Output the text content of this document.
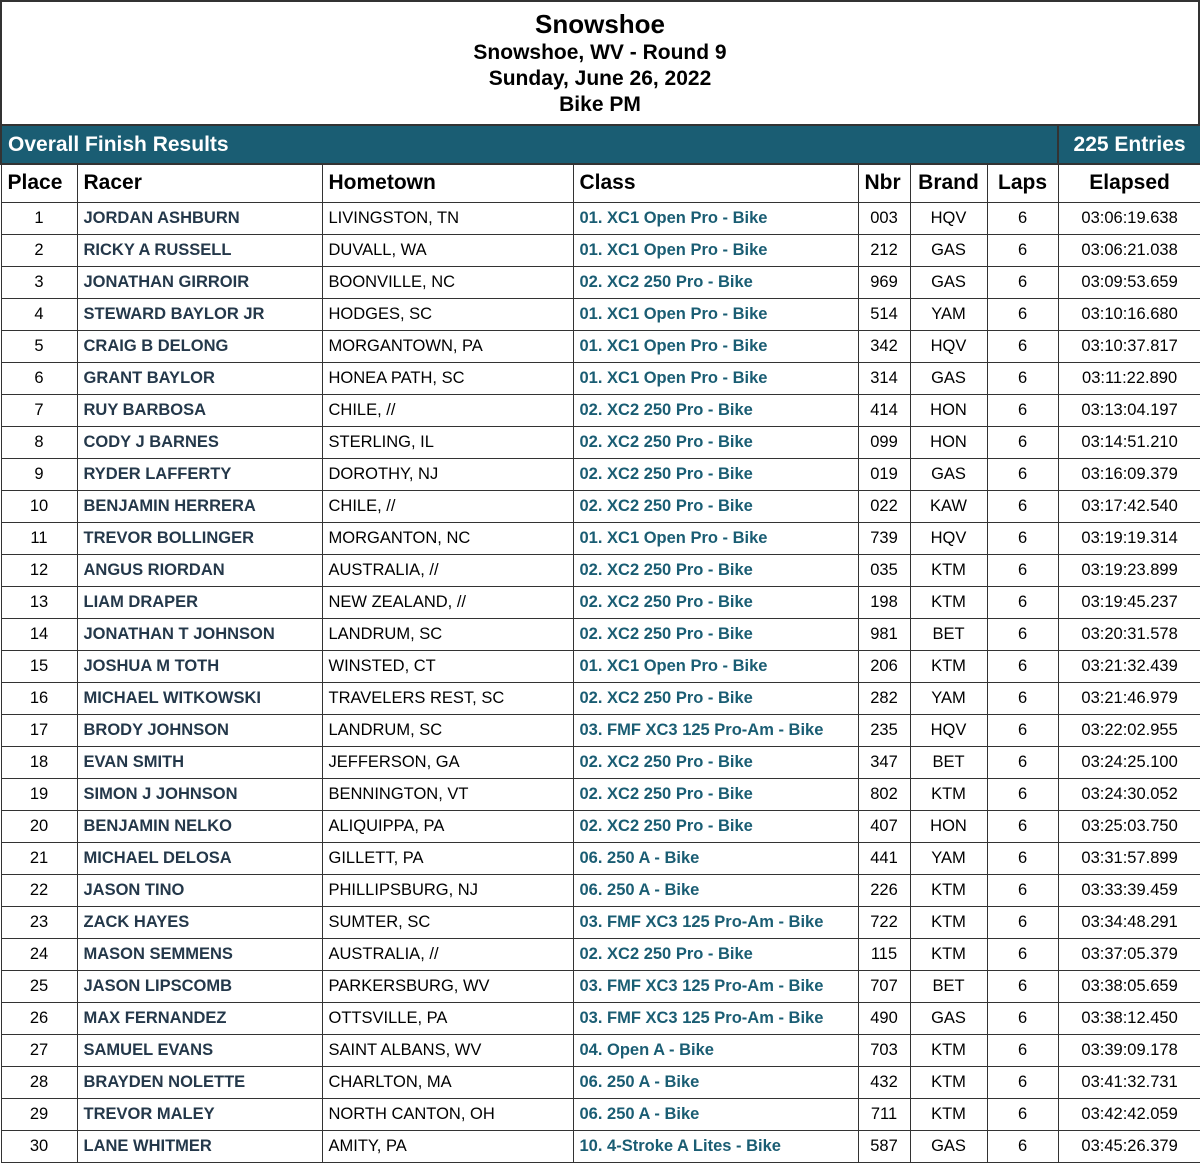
Snowshoe
Snowshoe, WV - Round 9
Sunday, June 26, 2022
Bike PM
Overall Finish Results							225 Entries
Place	Racer	Hometown	Class	Nbr	Brand	Laps	Elapsed
1	JORDAN ASHBURN	LIVINGSTON, TN	01. XC1 Open Pro - Bike	003	HQV	6	03:06:19.638
2	RICKY A RUSSELL	DUVALL, WA	01. XC1 Open Pro - Bike	212	GAS	6	03:06:21.038
3	JONATHAN GIRROIR	BOONVILLE, NC	02. XC2 250 Pro - Bike	969	GAS	6	03:09:53.659
4	STEWARD BAYLOR JR	HODGES, SC	01. XC1 Open Pro - Bike	514	YAM	6	03:10:16.680
5	CRAIG B DELONG	MORGANTOWN, PA	01. XC1 Open Pro - Bike	342	HQV	6	03:10:37.817
6	GRANT BAYLOR	HONEA PATH, SC	01. XC1 Open Pro - Bike	314	GAS	6	03:11:22.890
7	RUY BARBOSA	CHILE, //	02. XC2 250 Pro - Bike	414	HON	6	03:13:04.197
8	CODY J BARNES	STERLING, IL	02. XC2 250 Pro - Bike	099	HON	6	03:14:51.210
9	RYDER LAFFERTY	DOROTHY, NJ	02. XC2 250 Pro - Bike	019	GAS	6	03:16:09.379
10	BENJAMIN HERRERA	CHILE, //	02. XC2 250 Pro - Bike	022	KAW	6	03:17:42.540
11	TREVOR BOLLINGER	MORGANTON, NC	01. XC1 Open Pro - Bike	739	HQV	6	03:19:19.314
12	ANGUS RIORDAN	AUSTRALIA, //	02. XC2 250 Pro - Bike	035	KTM	6	03:19:23.899
13	LIAM DRAPER	NEW ZEALAND, //	02. XC2 250 Pro - Bike	198	KTM	6	03:19:45.237
14	JONATHAN T JOHNSON	LANDRUM, SC	02. XC2 250 Pro - Bike	981	BET	6	03:20:31.578
15	JOSHUA M TOTH	WINSTED, CT	01. XC1 Open Pro - Bike	206	KTM	6	03:21:32.439
16	MICHAEL WITKOWSKI	TRAVELERS REST, SC	02. XC2 250 Pro - Bike	282	YAM	6	03:21:46.979
17	BRODY JOHNSON	LANDRUM, SC	03. FMF XC3 125 Pro-Am - Bike	235	HQV	6	03:22:02.955
18	EVAN SMITH	JEFFERSON, GA	02. XC2 250 Pro - Bike	347	BET	6	03:24:25.100
19	SIMON J JOHNSON	BENNINGTON, VT	02. XC2 250 Pro - Bike	802	KTM	6	03:24:30.052
20	BENJAMIN NELKO	ALIQUIPPA, PA	02. XC2 250 Pro - Bike	407	HON	6	03:25:03.750
21	MICHAEL DELOSA	GILLETT, PA	06. 250 A - Bike	441	YAM	6	03:31:57.899
22	JASON TINO	PHILLIPSBURG, NJ	06. 250 A - Bike	226	KTM	6	03:33:39.459
23	ZACK HAYES	SUMTER, SC	03. FMF XC3 125 Pro-Am - Bike	722	KTM	6	03:34:48.291
24	MASON SEMMENS	AUSTRALIA, //	02. XC2 250 Pro - Bike	115	KTM	6	03:37:05.379
25	JASON LIPSCOMB	PARKERSBURG, WV	03. FMF XC3 125 Pro-Am - Bike	707	BET	6	03:38:05.659
26	MAX FERNANDEZ	OTTSVILLE, PA	03. FMF XC3 125 Pro-Am - Bike	490	GAS	6	03:38:12.450
27	SAMUEL EVANS	SAINT ALBANS, WV	04. Open A - Bike	703	KTM	6	03:39:09.178
28	BRAYDEN NOLETTE	CHARLTON, MA	06. 250 A - Bike	432	KTM	6	03:41:32.731
29	TREVOR MALEY	NORTH CANTON, OH	06. 250 A - Bike	711	KTM	6	03:42:42.059
30	LANE WHITMER	AMITY, PA	10. 4-Stroke A Lites - Bike	587	GAS	6	03:45:26.379
